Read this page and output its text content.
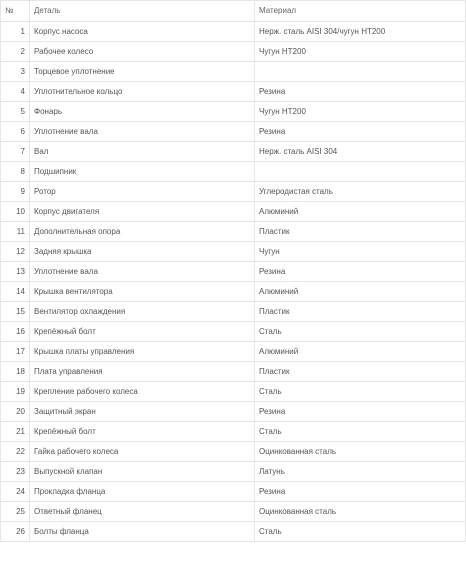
№	Деталь	Материал
1	Корпус насоса	Нерж. сталь AISI 304/чугун HT200
2	Рабочее колесо	Чугун HT200
3	Торцевое уплотнение	
4	Уплотнительное кольцо	Резина
5	Фонарь	Чугун HT200
6	Уплотнение вала	Резина
7	Вал	Нерж. сталь AISI 304
8	Подшипник	
9	Ротор	Углеродистая сталь
10	Корпус двигателя	Алюминий
11	Дополнительная опора	Пластик
12	Задняя крышка	Чугун
13	Уплотнение вала	Резина
14	Крышка вентилятора	Алюминий
15	Вентилятор охлаждения	Пластик
16	Крепёжный болт	Сталь
17	Крышка платы управления	Алюминий
18	Плата управления	Пластик
19	Крепление рабочего колеса	Сталь
20	Защитный экран	Резина
21	Крепёжный болт	Сталь
22	Гайка рабочего колеса	Оцинкованная сталь
23	Выпускной клапан	Латунь
24	Прокладка фланца	Резина
25	Ответный фланец	Оцинкованная сталь
26	Болты фланца	Сталь
